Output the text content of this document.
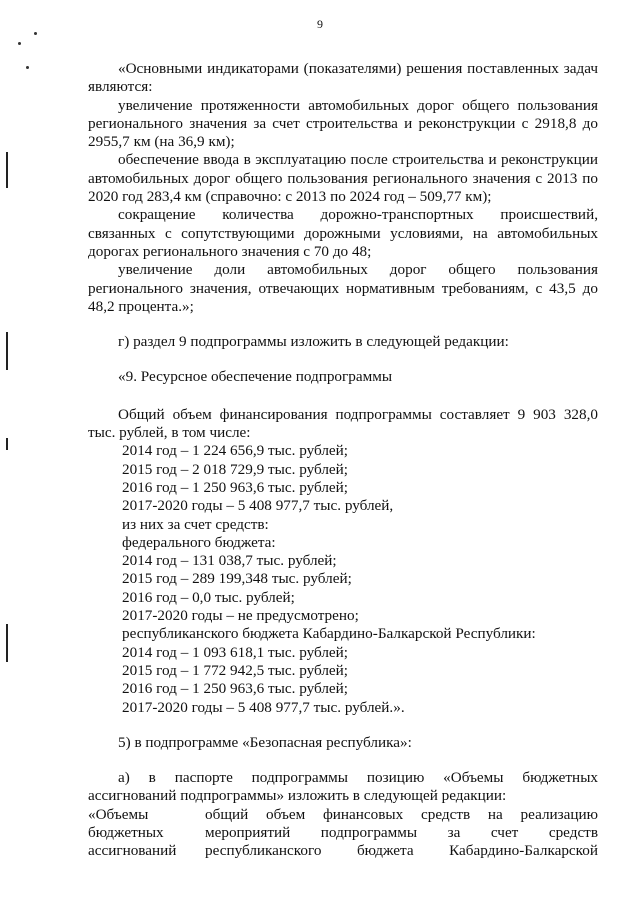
9

«Основными индикаторами (показателями) решения поставленных задач являются:

увеличение протяженности автомобильных дорог общего пользования регионального значения за счет строительства и реконструкции с 2918,8 до 2955,7 км (на 36,9 км);

обеспечение ввода в эксплуатацию после строительства и реконструкции автомобильных дорог общего пользования регионального значения с 2013 по 2020 год 283,4 км (справочно: с 2013 по 2024 год – 509,77 км);

сокращение количества дорожно-транспортных происшествий, связанных с сопутствующими дорожными условиями, на автомобильных дорогах регионального значения с 70 до 48;

увеличение доли автомобильных дорог общего пользования регионального значения, отвечающих нормативным требованиям, с 43,5 до 48,2 процента.»;

г) раздел 9 подпрограммы изложить в следующей редакции:

«9. Ресурсное обеспечение подпрограммы

Общий объем финансирования подпрограммы составляет 9 903 328,0 тыс. рублей, в том числе:

2014 год – 1 224 656,9 тыс. рублей;
2015 год – 2 018 729,9 тыс. рублей;
2016 год – 1 250 963,6 тыс. рублей;
2017-2020 годы – 5 408 977,7 тыс. рублей,
из них за счет средств:
федерального бюджета:
2014 год – 131 038,7 тыс. рублей;
2015 год – 289 199,348 тыс. рублей;
2016 год – 0,0 тыс. рублей;
2017-2020 годы – не предусмотрено;
республиканского бюджета Кабардино-Балкарской Республики:
2014 год – 1 093 618,1 тыс. рублей;
2015 год – 1 772 942,5 тыс. рублей;
2016 год – 1 250 963,6 тыс. рублей;
2017-2020 годы – 5 408 977,7 тыс. рублей.».

5) в подпрограмме «Безопасная республика»:

а) в паспорте подпрограммы позицию «Объемы бюджетных ассигнований подпрограммы» изложить в следующей редакции:

«Объемы бюджетных ассигнований
общий объем финансовых средств на реализацию мероприятий подпрограммы за счет средств республиканского бюджета Кабардино-Балкарской
